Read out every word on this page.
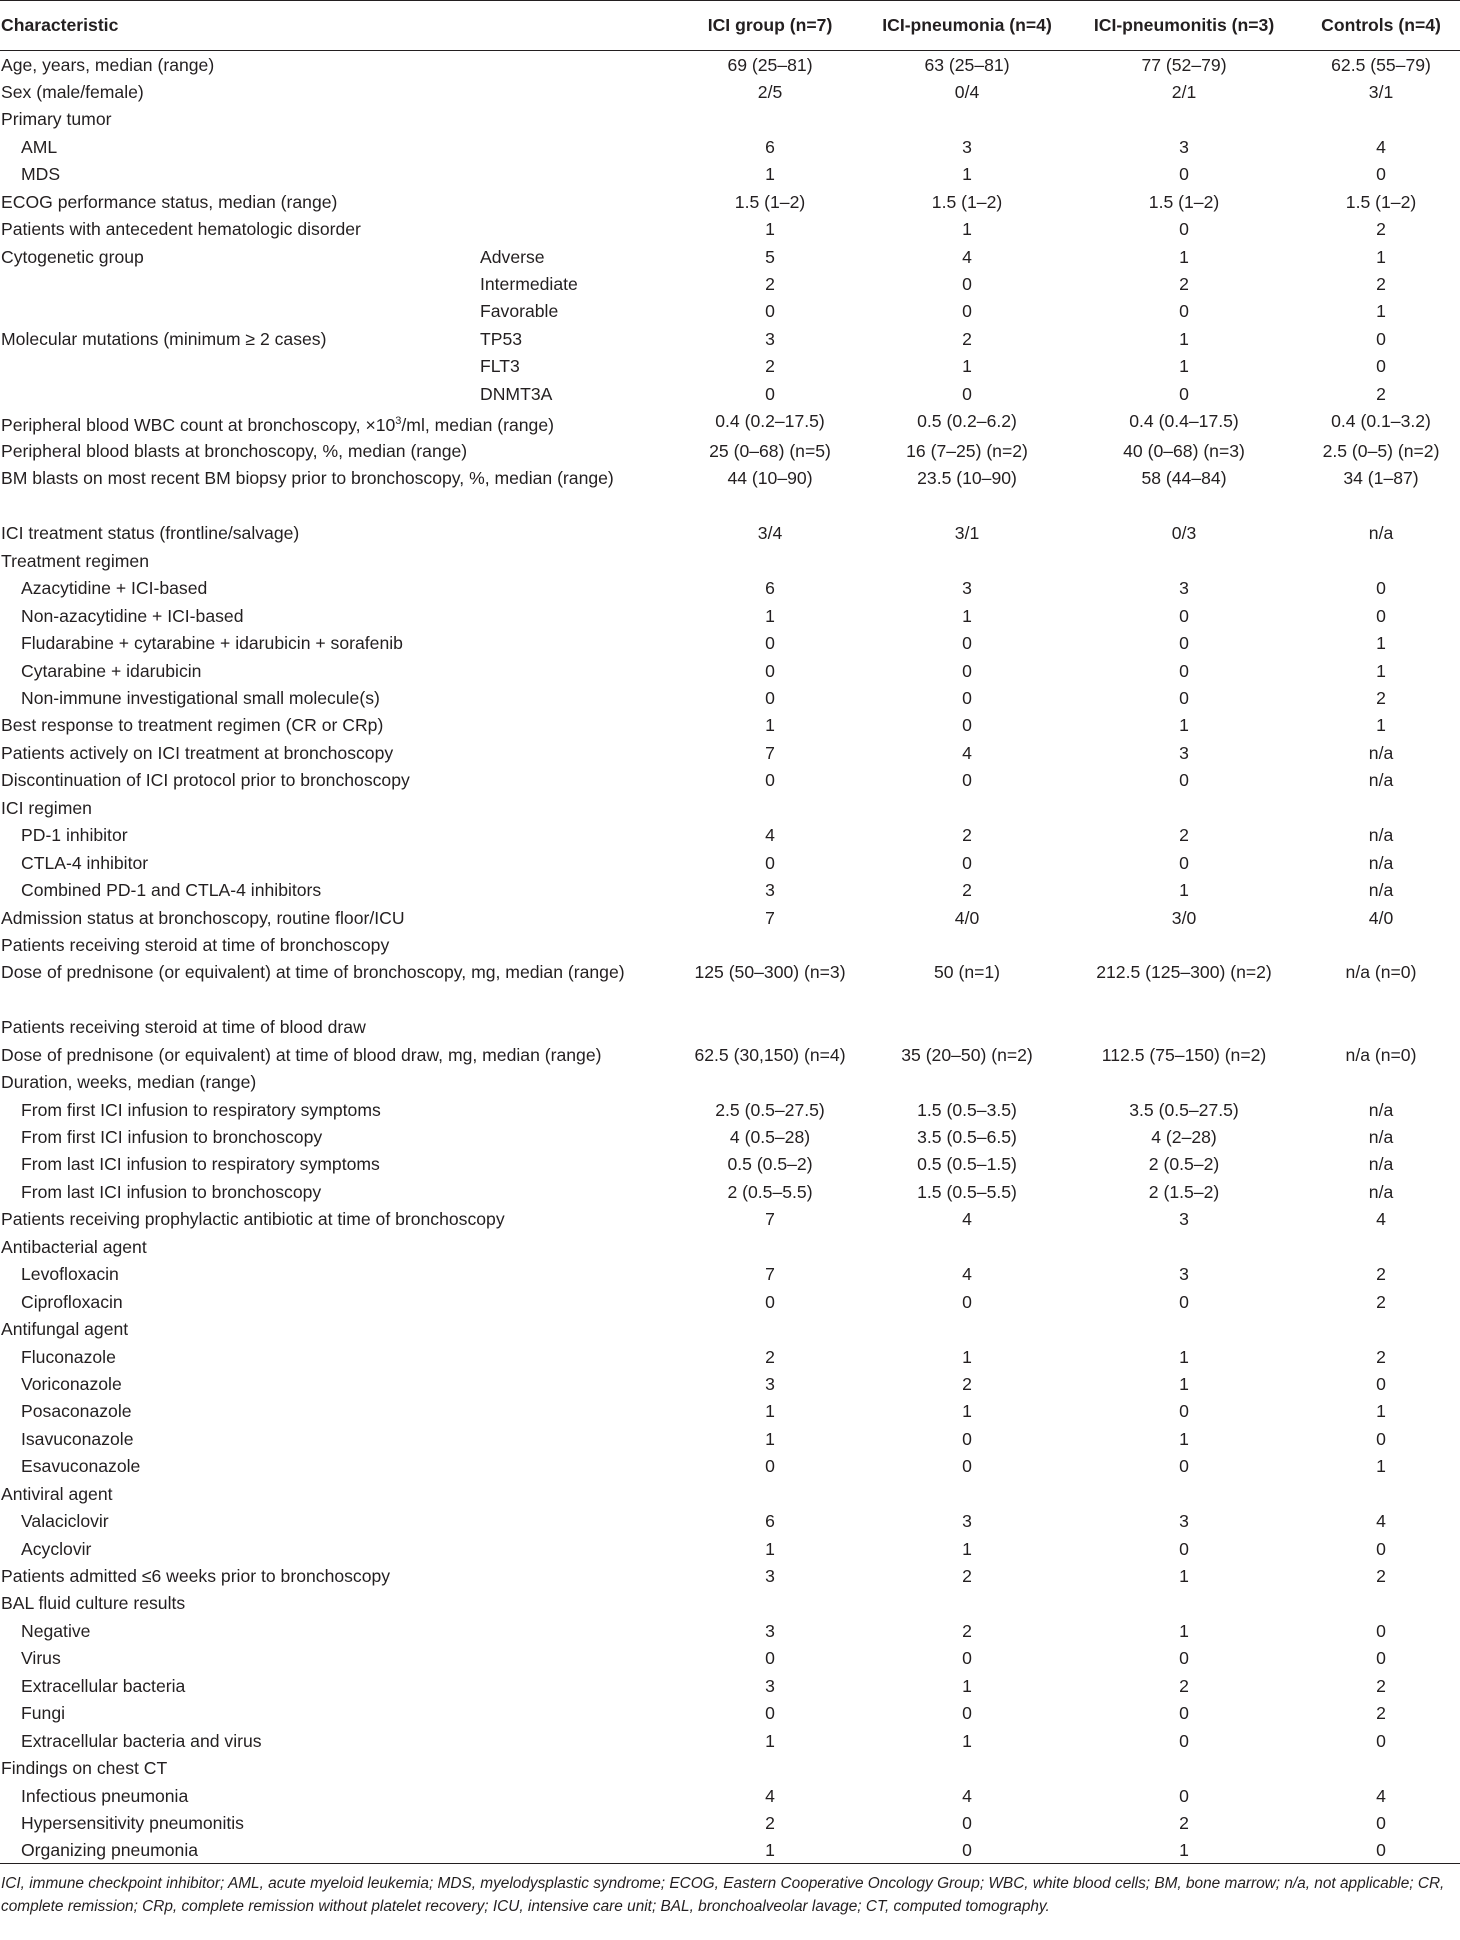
Characteristic		ICI group (n=7)	ICI-pneumonia (n=4)	ICI-pneumonitis (n=3)	Controls (n=4)
Age, years, median (range)		69 (25–81)	63 (25–81)	77 (52–79)	62.5 (55–79)
Sex (male/female)		2/5	0/4	2/1	3/1
Primary tumor					
AML		6	3	3	4
MDS		1	1	0	0
ECOG performance status, median (range)		1.5 (1–2)	1.5 (1–2)	1.5 (1–2)	1.5 (1–2)
Patients with antecedent hematologic disorder		1	1	0	2
Cytogenetic group	Adverse	5	4	1	1
	Intermediate	2	0	2	2
	Favorable	0	0	0	1
Molecular mutations (minimum ≥ 2 cases)	TP53	3	2	1	0
	FLT3	2	1	1	0
	DNMT3A	0	0	0	2
Peripheral blood WBC count at bronchoscopy, $\times 10^3/ml$, median (range)		0.4 (0.2–17.5)	0.5 (0.2–6.2)	0.4 (0.4–17.5)	0.4 (0.1–3.2)
Peripheral blood blasts at bronchoscopy, %, median (range)		25 (0–68) (n=5)	16 (7–25) (n=2)	40 (0–68) (n=3)	2.5 (0–5) (n=2)
BM blasts on most recent BM biopsy prior to bronchoscopy, %, median (range)		44 (10–90)	23.5 (10–90)	58 (44–84)	34 (1–87)
ICI treatment status (frontline/salvage)		3/4	3/1	0/3	n/a
Treatment regimen					
Azacytidine + ICI-based		6	3	3	0
Non-azacytidine + ICI-based		1	1	0	0
Fludarabine + cytarabine + idarubicin + sorafenib		0	0	0	1
Cytarabine + idarubicin		0	0	0	1
Non-immune investigational small molecule(s)		0	0	0	2
Best response to treatment regimen (CR or CRp)		1	0	1	1
Patients actively on ICI treatment at bronchoscopy		7	4	3	n/a
Discontinuation of ICI protocol prior to bronchoscopy		0	0	0	n/a
ICI regimen					
PD-1 inhibitor		4	2	2	n/a
CTLA-4 inhibitor		0	0	0	n/a
Combined PD-1 and CTLA-4 inhibitors		3	2	1	n/a
Admission status at bronchoscopy, routine floor/ICU		7	4/0	3/0	4/0
Patients receiving steroid at time of bronchoscopy					
Dose of prednisone (or equivalent) at time of bronchoscopy, mg, median (range)		125 (50–300) (n=3)	50 (n=1)	212.5 (125–300) (n=2)	n/a (n=0)
Patients receiving steroid at time of blood draw					
Dose of prednisone (or equivalent) at time of blood draw, mg, median (range)		62.5 (30,150) (n=4)	35 (20–50) (n=2)	112.5 (75–150) (n=2)	n/a (n=0)
Duration, weeks, median (range)					
From first ICI infusion to respiratory symptoms		2.5 (0.5–27.5)	1.5 (0.5–3.5)	3.5 (0.5–27.5)	n/a
From first ICI infusion to bronchoscopy		4 (0.5–28)	3.5 (0.5–6.5)	4 (2–28)	n/a
From last ICI infusion to respiratory symptoms		0.5 (0.5–2)	0.5 (0.5–1.5)	2 (0.5–2)	n/a
From last ICI infusion to bronchoscopy		2 (0.5–5.5)	1.5 (0.5–5.5)	2 (1.5–2)	n/a
Patients receiving prophylactic antibiotic at time of bronchoscopy		7	4	3	4
Antibacterial agent					
Levofloxacin		7	4	3	2
Ciprofloxacin		0	0	0	2
Antifungal agent					
Fluconazole		2	1	1	2
Voriconazole		3	2	1	0
Posaconazole		1	1	0	1
Isavuconazole		1	0	1	0
Esavuconazole		0	0	0	1
Antiviral agent					
Valaciclovir		6	3	3	4
Acyclovir		1	1	0	0
Patients admitted ≤6 weeks prior to bronchoscopy		3	2	1	2
BAL fluid culture results					
Negative		3	2	1	0
Virus		0	0	0	0
Extracellular bacteria		3	1	2	2
Fungi		0	0	0	2
Extracellular bacteria and virus		1	1	0	0
Findings on chest CT					
Infectious pneumonia		4	4	0	4
Hypersensitivity pneumonitis		2	0	2	0
Organizing pneumonia		1	0	1	0
ICI, immune checkpoint inhibitor; AML, acute myeloid leukemia; MDS, myelodysplastic syndrome; ECOG, Eastern Cooperative Oncology Group; WBC, white blood cells; BM, bone marrow; n/a, not applicable; CR, complete remission; CRp, complete remission without platelet recovery; ICU, intensive care unit; BAL, bronchoalveolar lavage; CT, computed tomography.
